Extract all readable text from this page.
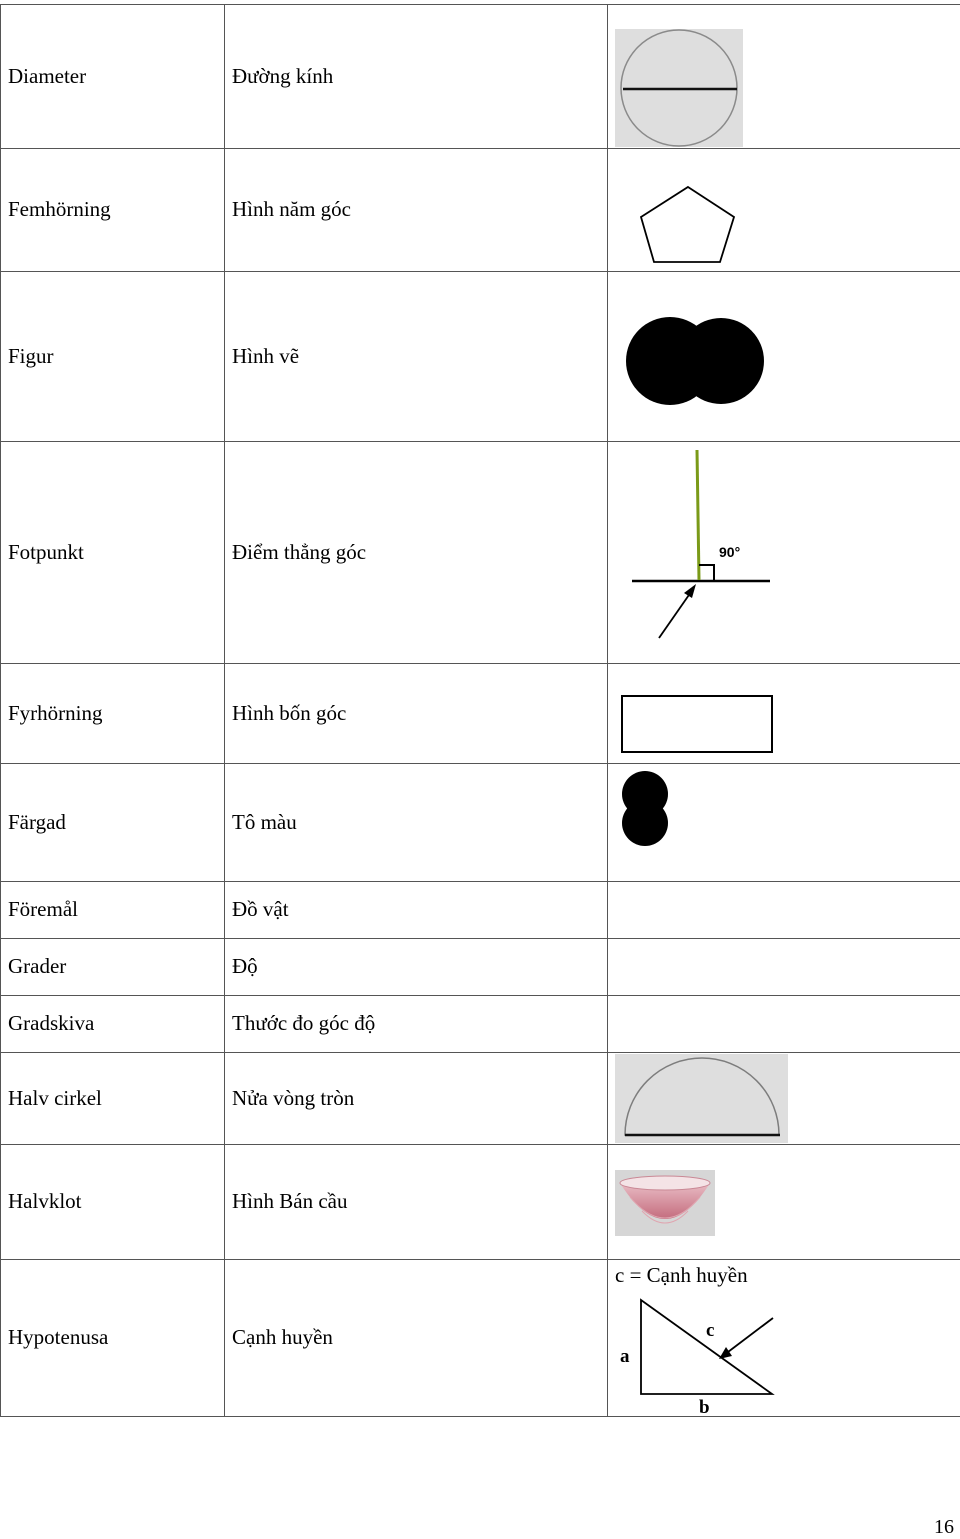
Diameter	Đường kính	

Femhörning	Hình năm góc	

Figur	Hình vẽ	

Fotpunkt	Điểm thẳng góc	90°

Fyrhörning	Hình bốn góc	

Färgad	Tô màu	

Föremål	Đồ vật	
Grader	Độ	
Gradskiva	Thước đo góc độ	
Halv cirkel	Nửa vòng tròn	

Halvklot	Hình Bán cầu	

Hypotenusa	Cạnh huyền	c = Cạnh huyền
c
a
b
16
